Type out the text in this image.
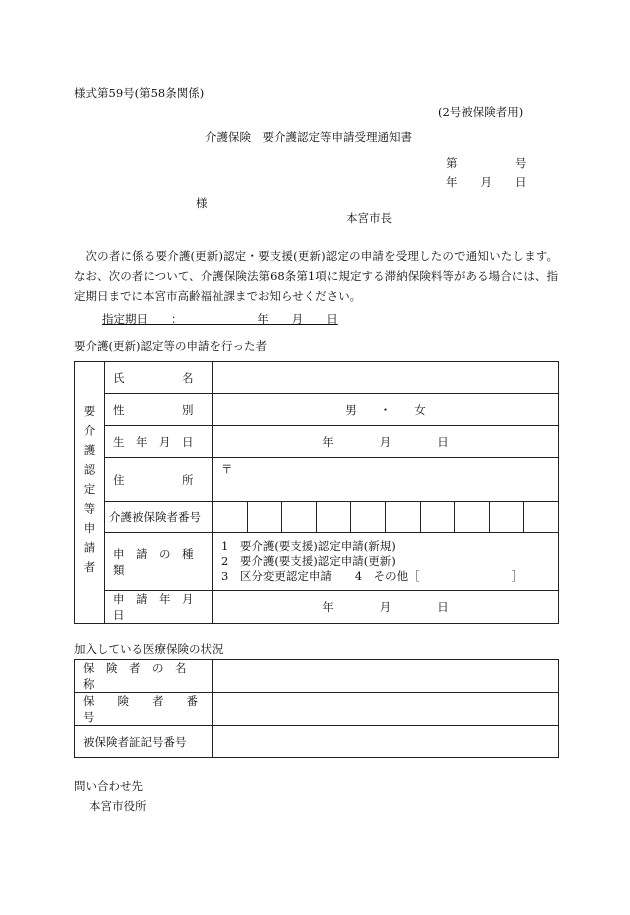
様式第59号(第58条関係)
(2号被保険者用)
介護保険　要介護認定等申請受理通知書
第　　　　　号
年　　月　　日
様
本宮市長
次の者に係る要介護(更新)認定・要支援(更新)認定の申請を受理したので通知いたします。なお、次の者について、介護保険法第68条第1項に規定する滞納保険料等がある場合には、指定期日までに本宮市高齢福祉課までお知らせください。
指定期日　　：　　　　　　　年　　月　　日
要介護(更新)認定等の申請を行った者
要介護認定等申請者	氏　　　　　名	
	性　　　　　別	男　　・　　女
	生　年　月　日	年　　　　月　　　　日
	住　　　　　所	〒
	介護被保険者番号	

	申　請　の　種　類	1　要介護(要支援)認定申請(新規)
2　要介護(要支援)認定申請(更新)
3　区分変更認定申請　　4　その他［　　　　　　　　］

	申　請　年　月　日	年　　　　月　　　　日
加入している医療保険の状況
保　険　者　の　名　称	
保　　険　　者　　番　　号	
被保険者証記号番号	
問い合わせ先
本宮市役所
